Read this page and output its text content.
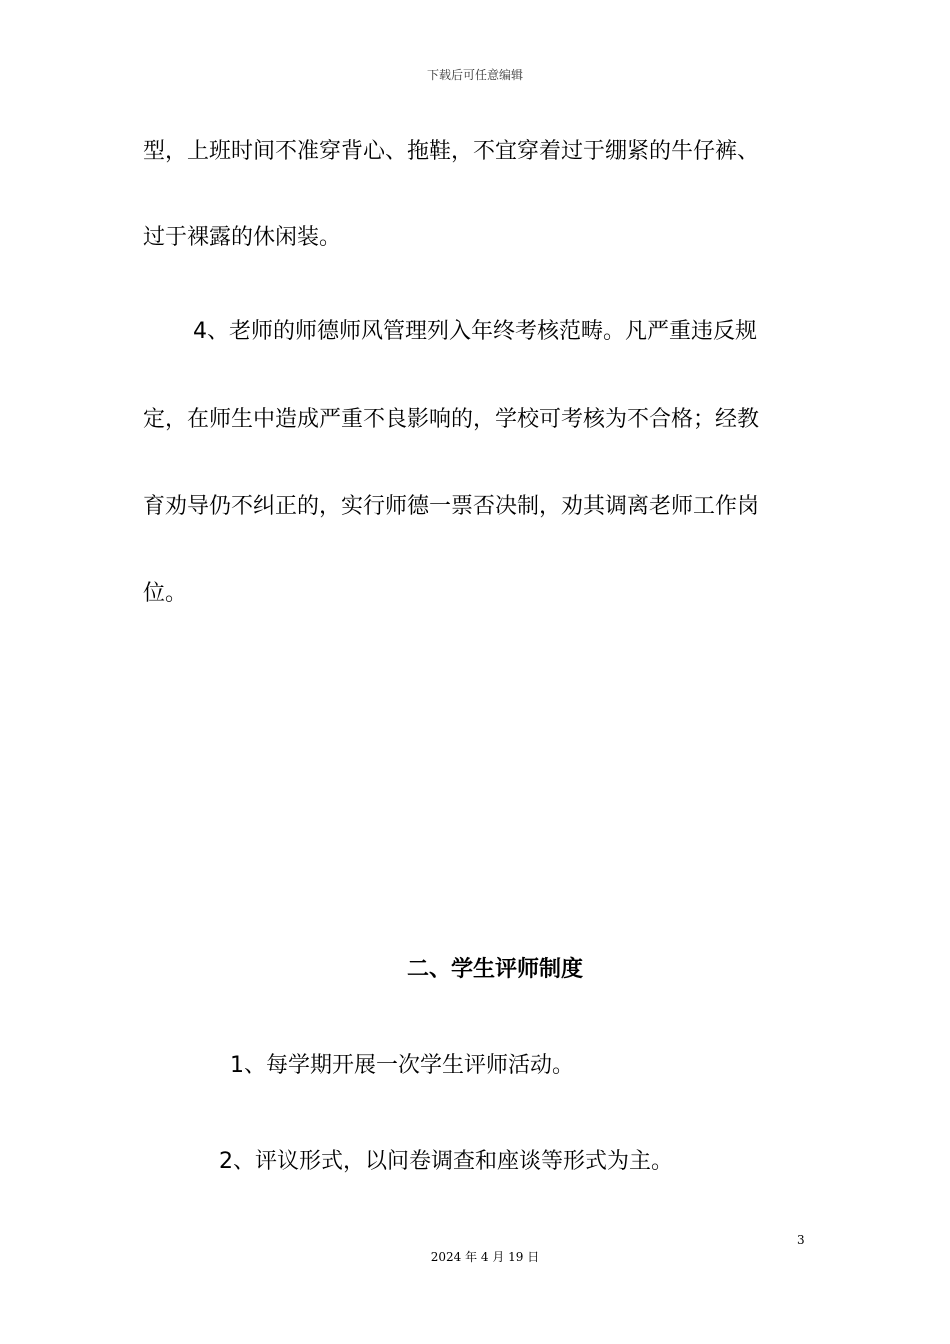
下载后可任意编辑
型，上班时间不准穿背心、拖鞋，不宜穿着过于绷紧的牛仔裤、
过于裸露的休闲装。
4、老师的师德师风管理列入年终考核范畴。凡严重违反规
定，在师生中造成严重不良影响的，学校可考核为不合格；经教
育劝导仍不纠正的，实行师德一票否决制，劝其调离老师工作岗
位。
二、学生评师制度
1、每学期开展一次学生评师活动。
2、评议形式，以问卷调查和座谈等形式为主。
3
2024 年 4 月 19 日
